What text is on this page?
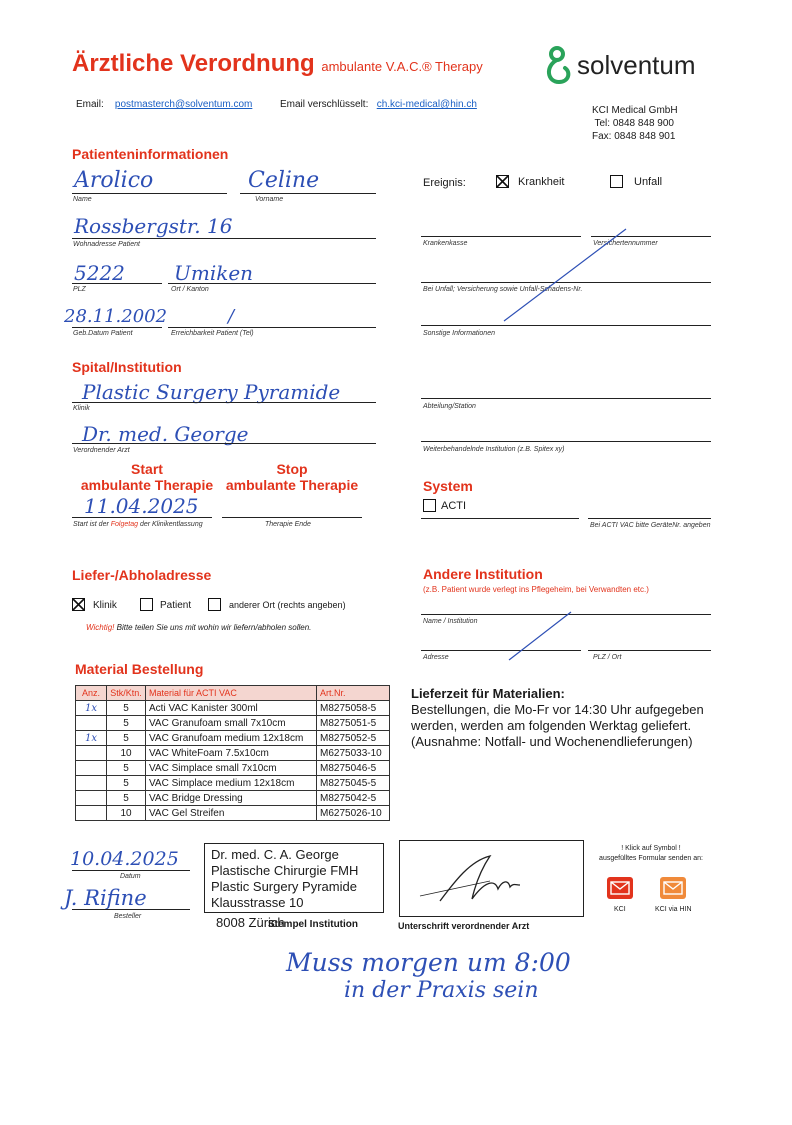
Ärztliche Verordnung ambulante V.A.C.® Therapy
Email: postmasterch@solventum.com	Email verschlüsselt: ch.kci-medical@hin.ch
solventum
KCI Medical GmbH
Tel: 0848 848 900
Fax: 0848 848 901
Patienteninformationen
Arolico
Name
Celine
Vorname
Rossbergstr. 16
Wohnadresse Patient
5222
PLZ
Umiken
Ort / Kanton
28.11.2002
Geb.Datum Patient
/
Erreichbarkeit Patient (Tel)
Ereignis:	Krankheit	Unfall
Krankenkasse	Versichertennummer
Bei Unfall; Versicherung sowie Unfall-Schadens-Nr.
Sonstige Informationen
Spital/Institution
Plastic Surgery Pyramide
Klinik
Dr. med. George
Verordnender Arzt
Abteilung/Station
Weiterbehandelnde Institution (z.B. Spitex xy)
Start
ambulante Therapie
Stop
ambulante Therapie
11.04.2025
Start ist der Folgetag der Klinikentlassung	Therapie Ende
System
ACTI
Bei ACTI VAC bitte GeräteNr. angeben
Liefer-/Abholadresse
Klinik	Patient	anderer Ort (rechts angeben)
Wichtig! Bitte teilen Sie uns mit wohin wir liefern/abholen sollen.
Andere Institution
(z.B. Patient wurde verlegt ins Pflegeheim, bei Verwandten etc.)
Name / Institution
Adresse	PLZ / Ort
Material Bestellung
Anz.	Stk/Ktn.	Material für ACTI VAC	Art.Nr.
1x	5	Acti VAC Kanister 300ml	M8275058-5
	5	VAC Granufoam small 7x10cm	M8275051-5
1x	5	VAC Granufoam medium 12x18cm	M8275052-5
	10	VAC WhiteFoam 7.5x10cm	M6275033-10
	5	VAC Simplace small 7x10cm	M8275046-5
	5	VAC Simplace medium 12x18cm	M8275045-5
	5	VAC Bridge Dressing	M8275042-5
	10	VAC Gel Streifen	M6275026-10
Lieferzeit für Materialien:
Bestellungen, die Mo-Fr vor 14:30 Uhr aufgegeben
werden, werden am folgenden Werktag geliefert.
(Ausnahme: Notfall- und Wochenendlieferungen)
10.04.2025
Datum
J. Rifine
Besteller
Dr. med. C. A. George
Plastische Chirurgie FMH
Plastic Surgery Pyramide
Klausstrasse 10
8008 Zürich
Stempel Institution	Unterschrift verordnender Arzt
! Klick auf Symbol !
ausgefülltes Formular senden an:
KCI	KCI via HIN
Muss morgen um 8:00
in der Praxis sein
